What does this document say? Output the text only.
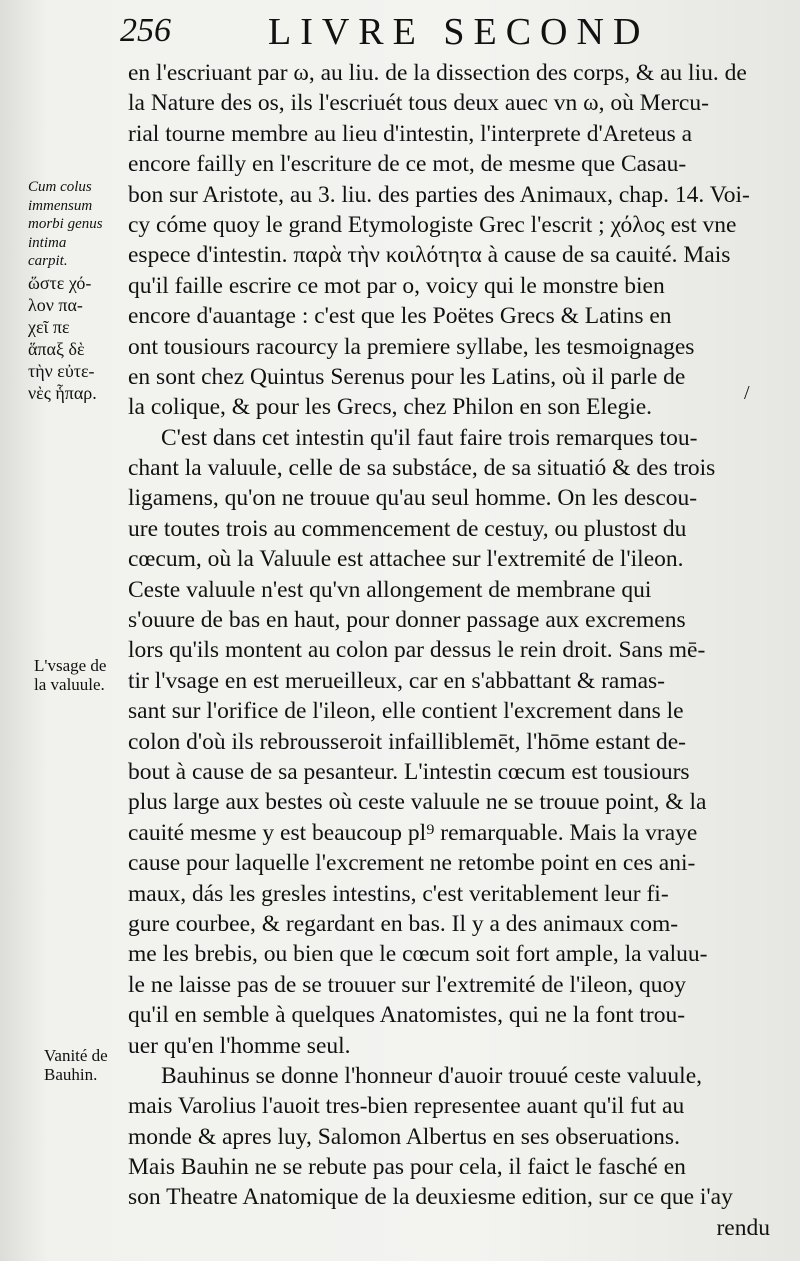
256	LIVRE SECOND
Cum colus
immensum
morbi genus
intima
carpit.
ὥστε χό-
λον πα-
χεῖ πε
ἅπαξ δὲ
τὴν εὐτε-
νὲς ἧπαρ.
L'vsage de
la valuule.
Vanité de
Bauhin.
en l'escriuant par ω, au liu. de la dissection des corps, & au liu. de
la Nature des os, ils l'escriuét tous deux auec vn ω, où Mercu-
rial tourne membre au lieu d'intestin, l'interprete d'Areteus a
encore failly en l'escriture de ce mot, de mesme que Casau-
bon sur Aristote, au 3. liu. des parties des Animaux, chap. 14. Voi-
cy cóme quoy le grand Etymologiste Grec l'escrit ; χόλος est vne
espece d'intestin. παρὰ τὴν κοιλότητα à cause de sa cauité. Mais
qu'il faille escrire ce mot par ο, voicy qui le monstre bien
encore d'auantage : c'est que les Poëtes Grecs & Latins en
ont tousiours racourcy la premiere syllabe, les tesmoignages
en sont chez Quintus Serenus pour les Latins, où il parle de
la colique, & pour les Grecs, chez Philon en son Elegie.
C'est dans cet intestin qu'il faut faire trois remarques tou-
chant la valuule, celle de sa substáce, de sa situatió & des trois
ligamens, qu'on ne trouue qu'au seul homme. On les descou-
ure toutes trois au commencement de cestuy, ou plustost du
cœcum, où la Valuule est attachee sur l'extremité de l'ileon.
Ceste valuule n'est qu'vn allongement de membrane qui
s'ouure de bas en haut, pour donner passage aux excremens
lors qu'ils montent au colon par dessus le rein droit. Sans mē-
tir l'vsage en est merueilleux, car en s'abbattant & ramas-
sant sur l'orifice de l'ileon, elle contient l'excrement dans le
colon d'où ils rebrousseroit infailliblemēt, l'hōme estant de-
bout à cause de sa pesanteur. L'intestin cœcum est tousiours
plus large aux bestes où ceste valuule ne se trouue point, & la
cauité mesme y est beaucoup pl⁹ remarquable. Mais la vraye
cause pour laquelle l'excrement ne retombe point en ces ani-
maux, dás les gresles intestins, c'est veritablement leur fi-
gure courbee, & regardant en bas. Il y a des animaux com-
me les brebis, ou bien que le cœcum soit fort ample, la valuu-
le ne laisse pas de se trouuer sur l'extremité de l'ileon, quoy
qu'il en semble à quelques Anatomistes, qui ne la font trou-
uer qu'en l'homme seul.
Bauhinus se donne l'honneur d'auoir trouué ceste valuule,
mais Varolius l'auoit tres-bien representee auant qu'il fut au
monde & apres luy, Salomon Albertus en ses obseruations.
Mais Bauhin ne se rebute pas pour cela, il faict le fasché en
son Theatre Anatomique de la deuxiesme edition, sur ce que i'ay
rendu
/
